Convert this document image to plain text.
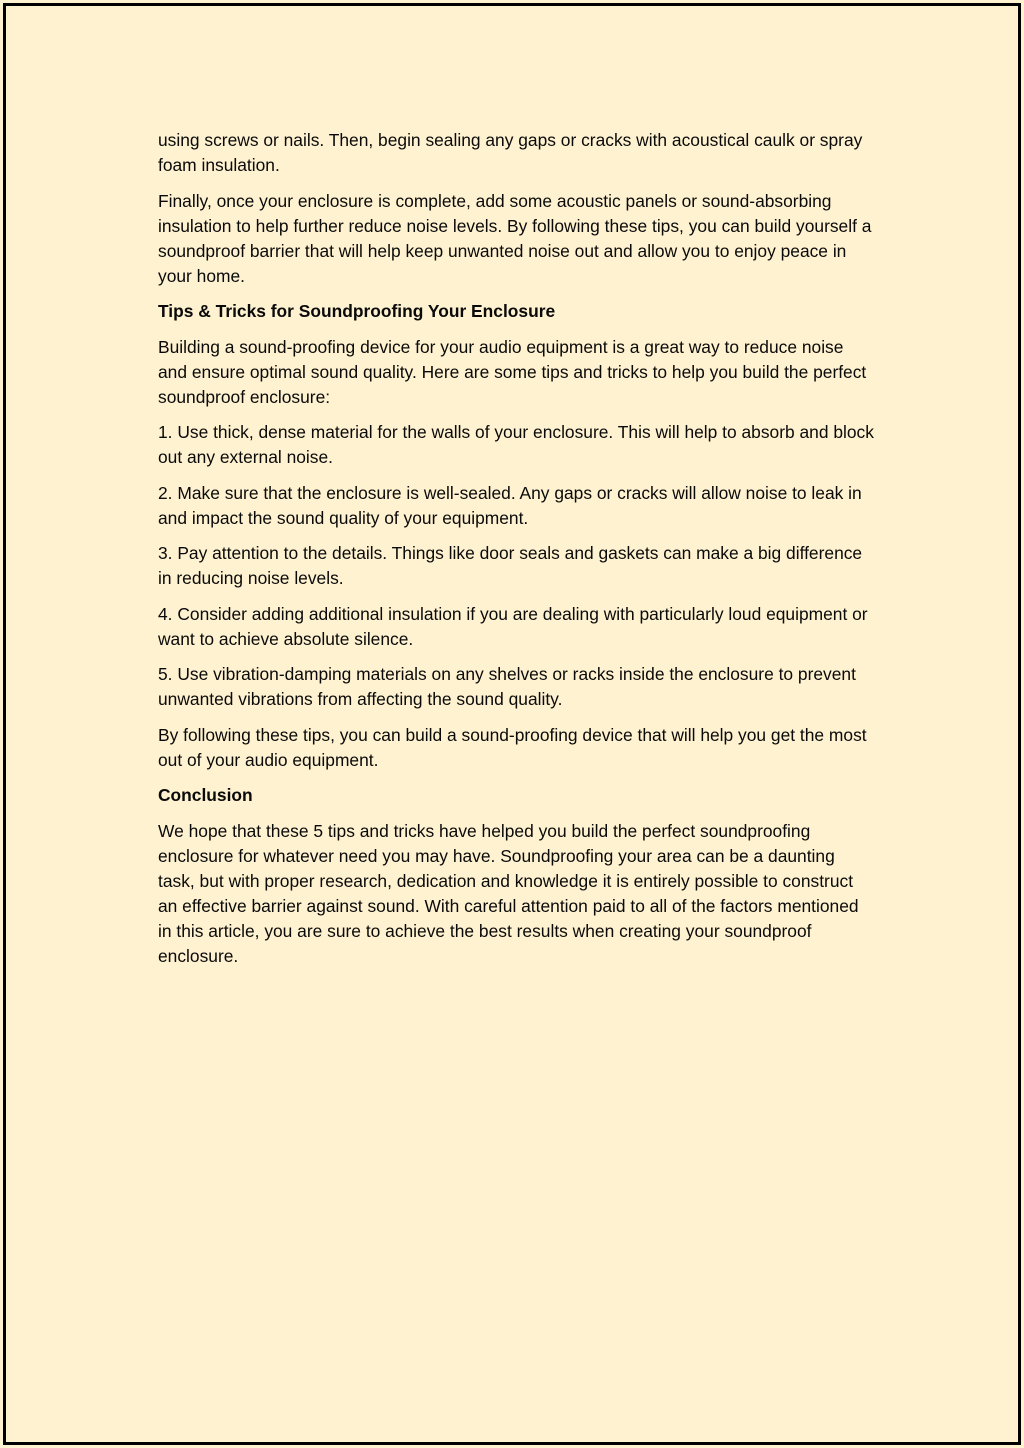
using screws or nails. Then, begin sealing any gaps or cracks with acoustical caulk or spray foam insulation.

Finally, once your enclosure is complete, add some acoustic panels or sound-absorbing insulation to help further reduce noise levels. By following these tips, you can build yourself a soundproof barrier that will help keep unwanted noise out and allow you to enjoy peace in your home.

Tips & Tricks for Soundproofing Your Enclosure

Building a sound-proofing device for your audio equipment is a great way to reduce noise and ensure optimal sound quality. Here are some tips and tricks to help you build the perfect soundproof enclosure:

1. Use thick, dense material for the walls of your enclosure. This will help to absorb and block out any external noise.

2. Make sure that the enclosure is well-sealed. Any gaps or cracks will allow noise to leak in and impact the sound quality of your equipment.

3. Pay attention to the details. Things like door seals and gaskets can make a big difference in reducing noise levels.

4. Consider adding additional insulation if you are dealing with particularly loud equipment or want to achieve absolute silence.

5. Use vibration-damping materials on any shelves or racks inside the enclosure to prevent unwanted vibrations from affecting the sound quality.

By following these tips, you can build a sound-proofing device that will help you get the most out of your audio equipment.

Conclusion

We hope that these 5 tips and tricks have helped you build the perfect soundproofing enclosure for whatever need you may have. Soundproofing your area can be a daunting task, but with proper research, dedication and knowledge it is entirely possible to construct an effective barrier against sound. With careful attention paid to all of the factors mentioned in this article, you are sure to achieve the best results when creating your soundproof enclosure.
